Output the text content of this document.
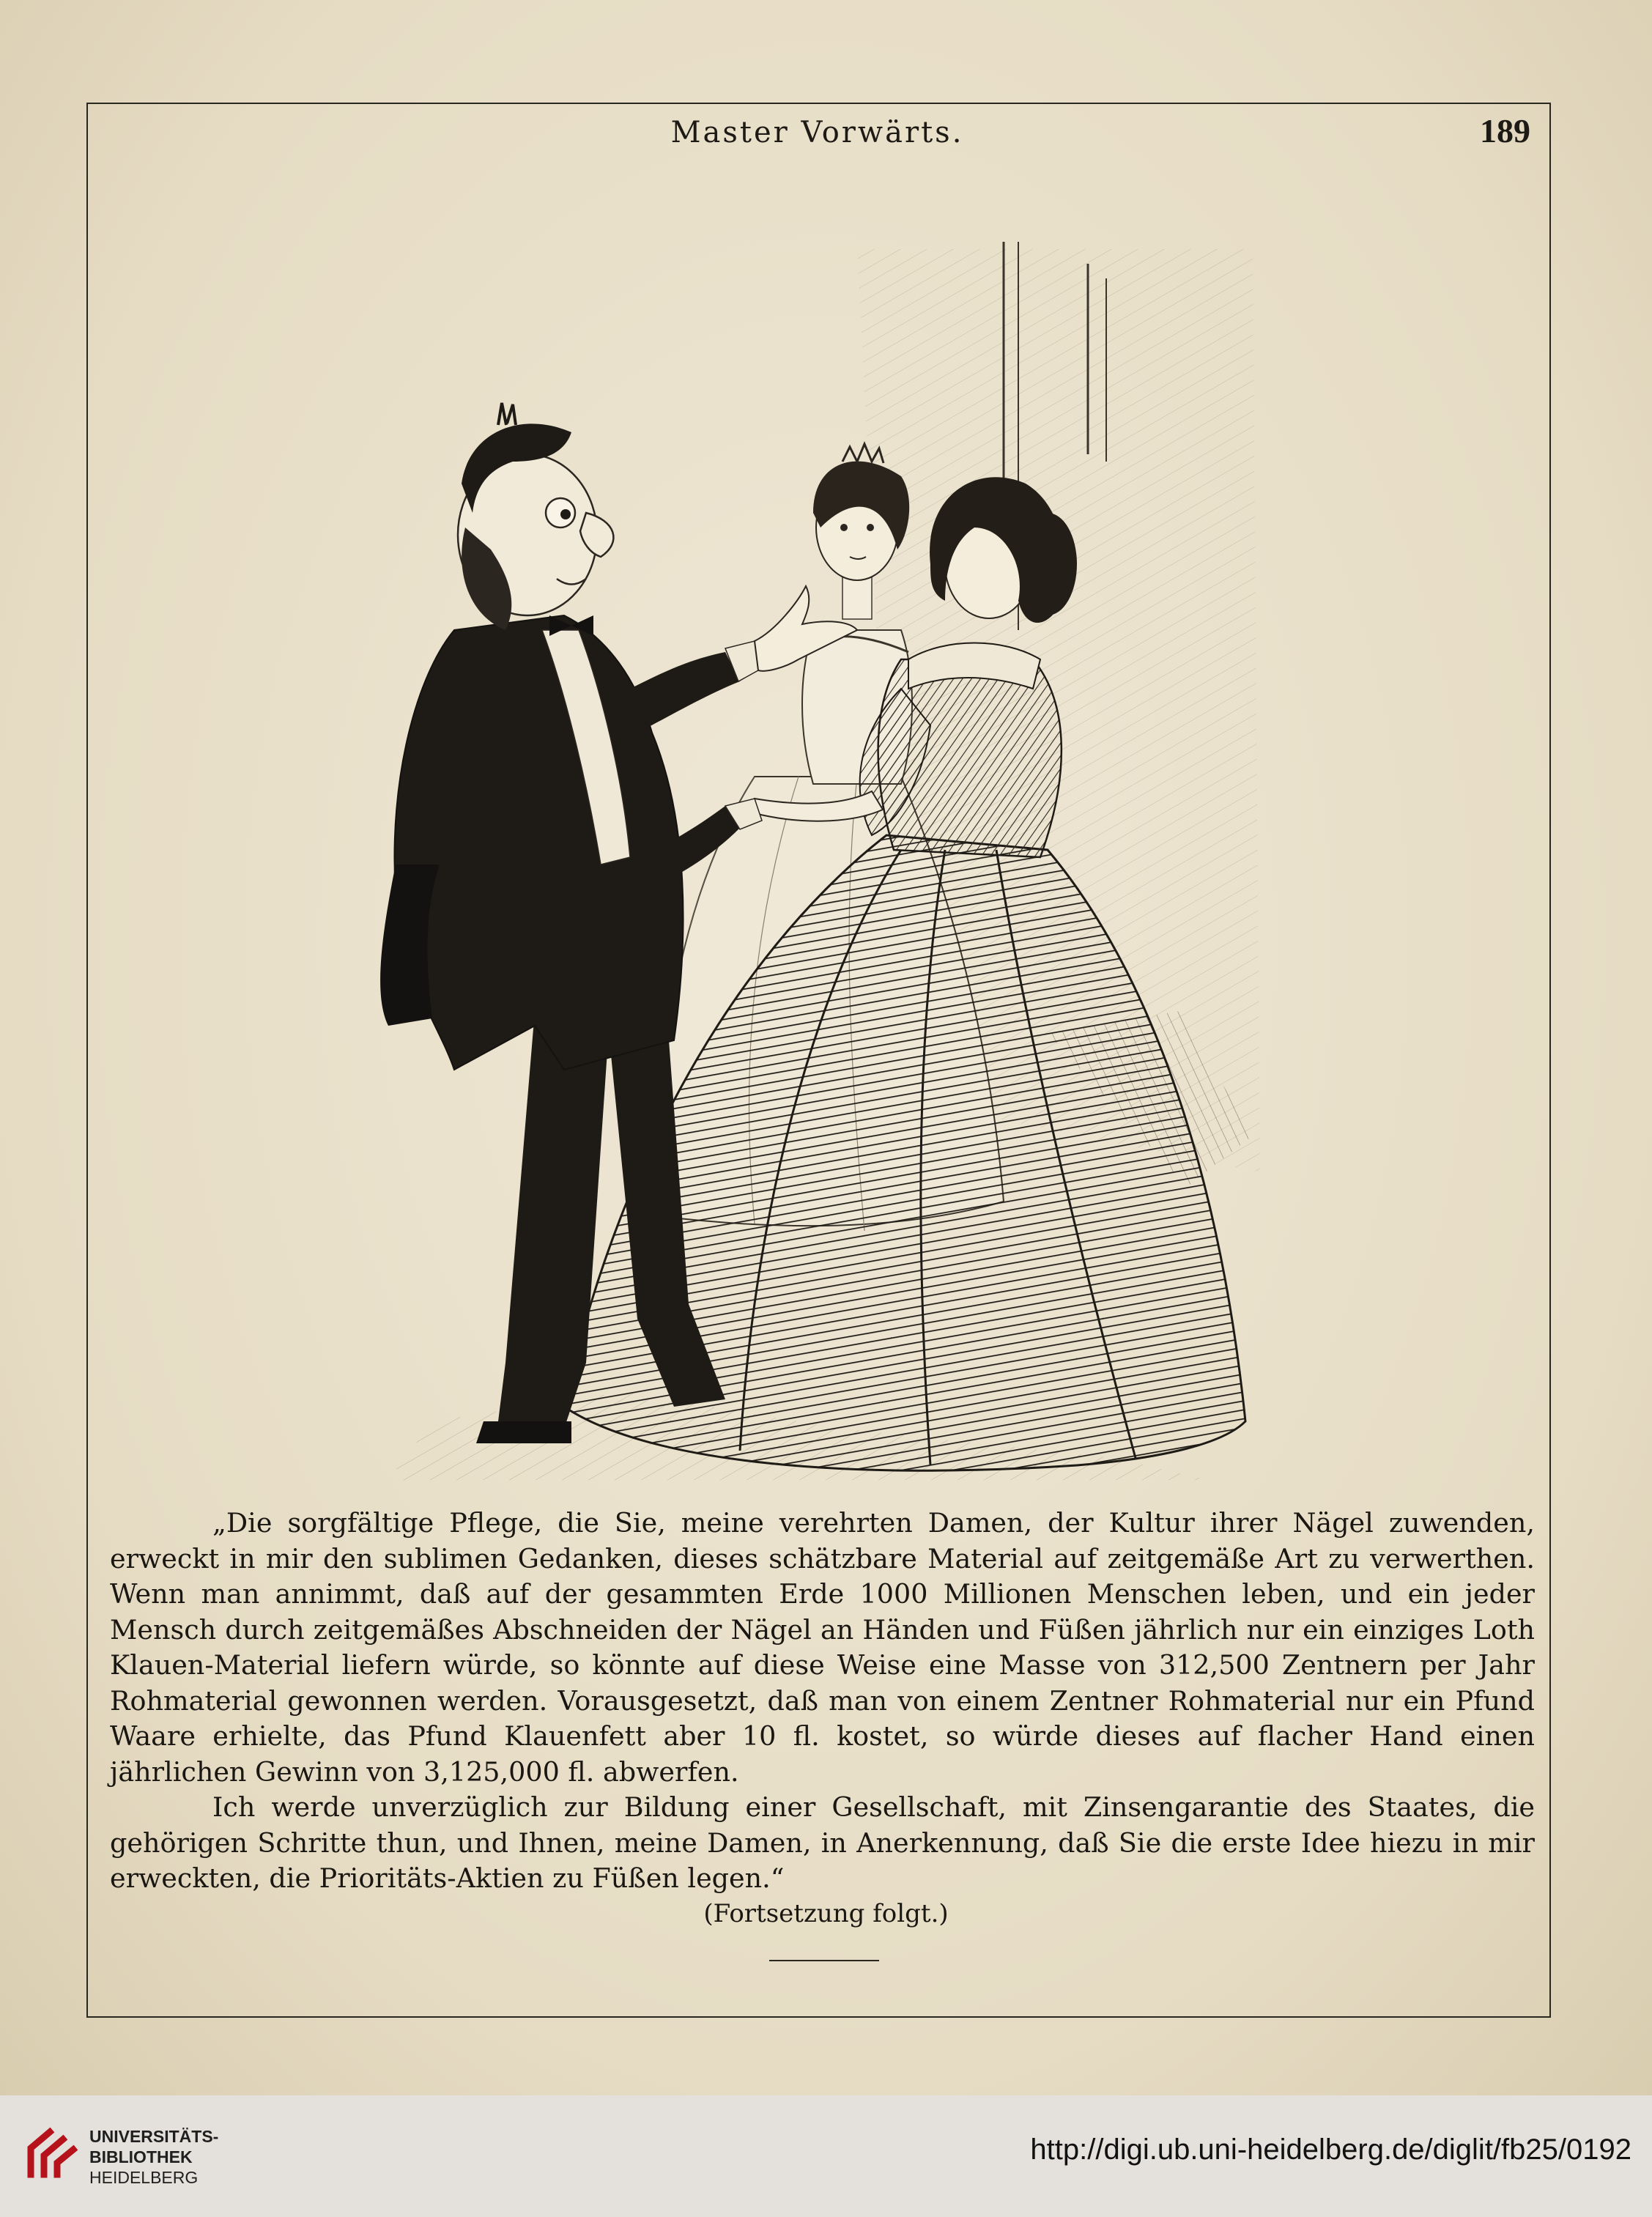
Master Vorwärts.	189

„Die sorgfältige Pflege, die Sie, meine verehrten Damen, der Kultur ihrer Nägel zuwenden, erweckt in mir den sublimen Gedanken, dieses schätzbare Material auf zeitgemäße Art zu verwerthen. Wenn man annimmt, daß auf der gesammten Erde 1000 Millionen Menschen leben, und ein jeder Mensch durch zeitgemäßes Abschneiden der Nägel an Händen und Füßen jährlich nur ein einziges Loth Klauen-Material liefern würde, so könnte auf diese Weise eine Masse von 312,500 Zentnern per Jahr Rohmaterial gewonnen werden. Vorausgesetzt, daß man von einem Zentner Rohmaterial nur ein Pfund Waare erhielte, das Pfund Klauenfett aber 10 fl. kostet, so würde dieses auf flacher Hand einen jährlichen Gewinn von 3,125,000 fl. abwerfen.

Ich werde unverzüglich zur Bildung einer Gesellschaft, mit Zinsengarantie des Staates, die gehörigen Schritte thun, und Ihnen, meine Damen, in Anerkennung, daß Sie die erste Idee hiezu in mir erweckten, die Prioritäts-Aktien zu Füßen legen.“

(Fortsetzung folgt.)
UNIVERSITÄTS-
BIBLIOTHEK
HEIDELBERG
http://digi.ub.uni-heidelberg.de/diglit/fb25/0192
